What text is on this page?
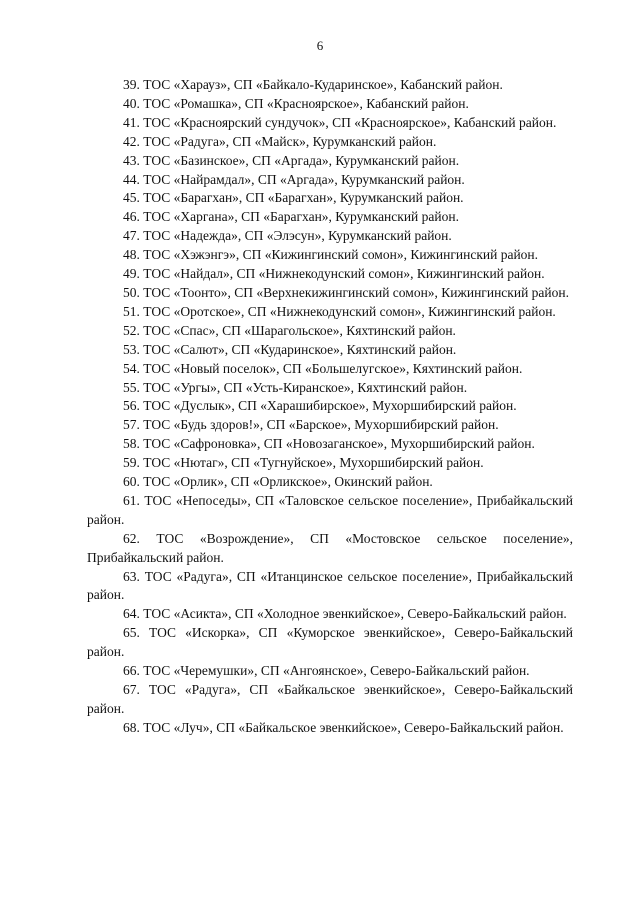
6

39. ТОС «Харауз», СП «Байкало-Кударинское», Кабанский район.

40. ТОС «Ромашка», СП «Красноярское», Кабанский район.

41. ТОС «Красноярский сундучок», СП «Красноярское», Кабанский район.

42. ТОС «Радуга», СП «Майск», Курумканский район.

43. ТОС «Базинское», СП «Аргада», Курумканский район.

44. ТОС «Найрамдал», СП «Аргада», Курумканский район.

45. ТОС «Барагхан», СП «Барагхан», Курумканский район.

46. ТОС «Харгана», СП «Барагхан», Курумканский район.

47. ТОС «Надежда», СП «Элэсун», Курумканский район.

48. ТОС «Хэжэнгэ», СП «Кижингинский сомон», Кижингинский район.

49. ТОС «Найдал», СП «Нижнекодунский сомон», Кижингинский район.

50. ТОС «Тоонто», СП «Верхнекижингинский сомон», Кижингинский район.

51. ТОС «Оротское», СП «Нижнекодунский сомон», Кижингинский район.

52. ТОС «Спас», СП «Шарагольское», Кяхтинский район.

53. ТОС «Салют», СП «Кударинское», Кяхтинский район.

54. ТОС «Новый поселок», СП «Большелугское», Кяхтинский район.

55. ТОС «Ургы», СП «Усть-Киранское», Кяхтинский район.

56. ТОС «Дуслык», СП «Харашибирское», Мухоршибирский район.

57. ТОС «Будь здоров!», СП «Барское», Мухоршибирский район.

58. ТОС «Сафроновка», СП «Новозаганское», Мухоршибирский район.

59. ТОС «Нютаг», СП «Тугнуйское», Мухоршибирский район.

60. ТОС «Орлик», СП «Орликское», Окинский район.

61. ТОС «Непоседы», СП «Таловское сельское поселение», Прибайкальский район.

62. ТОС «Возрождение», СП «Мостовское сельское поселение», Прибайкальский район.

63. ТОС «Радуга», СП «Итанцинское сельское поселение», Прибайкальский район.

64. ТОС «Асикта», СП «Холодное эвенкийское», Северо-Байкальский район.

65. ТОС «Искорка», СП «Куморское эвенкийское», Северо-Байкальский район.

66. ТОС «Черемушки», СП «Ангоянское», Северо-Байкальский район.

67. ТОС «Радуга», СП «Байкальское эвенкийское», Северо-Байкальский район.

68. ТОС «Луч», СП «Байкальское эвенкийское», Северо-Байкальский район.
